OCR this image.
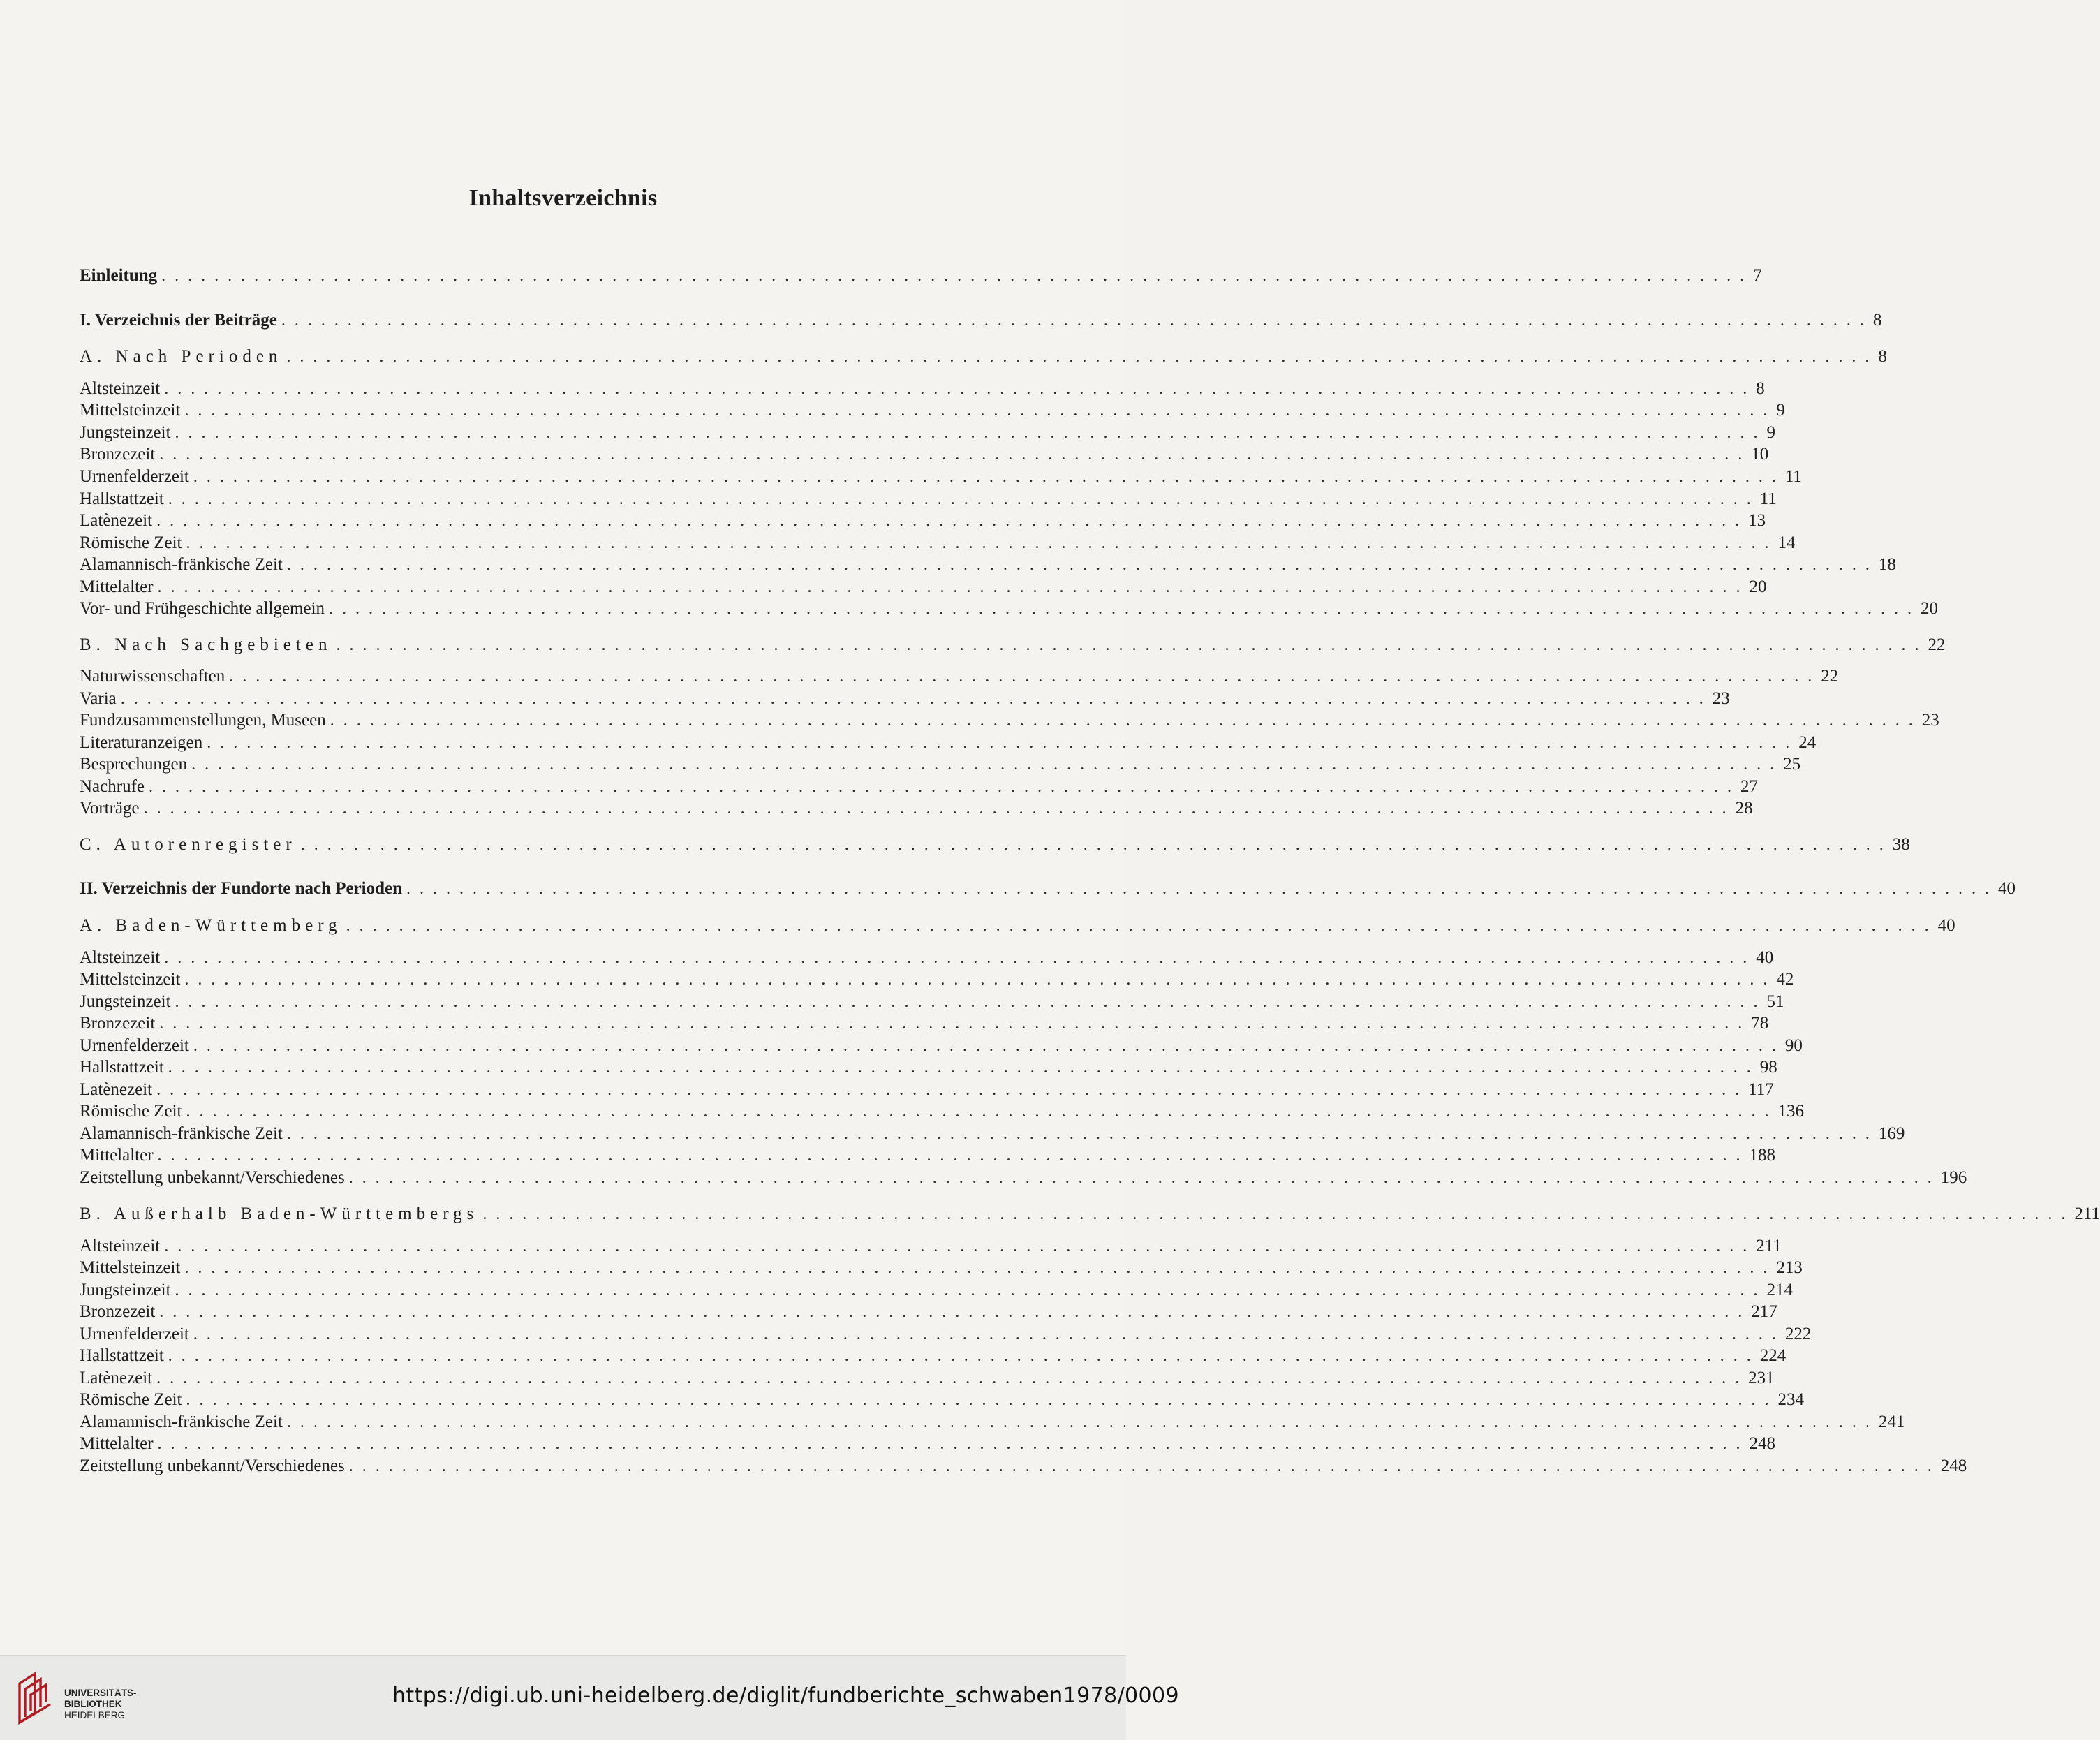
Inhaltsverzeichnis
Einleitung ........................................................................................................................ 7
I. Verzeichnis der Beiträge ........................................................................................................................ 8
A. Nach Perioden ........................................................................................................................ 8
Altsteinzeit ........................................................................................................................ 8
Mittelsteinzeit ........................................................................................................................ 9
Jungsteinzeit ........................................................................................................................ 9
Bronzezeit ........................................................................................................................ 10
Urnenfelderzeit ........................................................................................................................ 11
Hallstattzeit ........................................................................................................................ 11
Latènezeit ........................................................................................................................ 13
Römische Zeit ........................................................................................................................ 14
Alamannisch-fränkische Zeit ........................................................................................................................ 18
Mittelalter ........................................................................................................................ 20
Vor- und Frühgeschichte allgemein ........................................................................................................................ 20
B. Nach Sachgebieten ........................................................................................................................ 22
Naturwissenschaften ........................................................................................................................ 22
Varia ........................................................................................................................ 23
Fundzusammenstellungen, Museen ........................................................................................................................ 23
Literaturanzeigen ........................................................................................................................ 24
Besprechungen ........................................................................................................................ 25
Nachrufe ........................................................................................................................ 27
Vorträge ........................................................................................................................ 28
C. Autorenregister ........................................................................................................................ 38
II. Verzeichnis der Fundorte nach Perioden ........................................................................................................................ 40
A. Baden-Württemberg ........................................................................................................................ 40
Altsteinzeit ........................................................................................................................ 40
Mittelsteinzeit ........................................................................................................................ 42
Jungsteinzeit ........................................................................................................................ 51
Bronzezeit ........................................................................................................................ 78
Urnenfelderzeit ........................................................................................................................ 90
Hallstattzeit ........................................................................................................................ 98
Latènezeit ........................................................................................................................ 117
Römische Zeit ........................................................................................................................ 136
Alamannisch-fränkische Zeit ........................................................................................................................ 169
Mittelalter ........................................................................................................................ 188
Zeitstellung unbekannt/Verschiedenes ........................................................................................................................ 196
B. Außerhalb Baden-Württembergs ........................................................................................................................ 211
Altsteinzeit ........................................................................................................................ 211
Mittelsteinzeit ........................................................................................................................ 213
Jungsteinzeit ........................................................................................................................ 214
Bronzezeit ........................................................................................................................ 217
Urnenfelderzeit ........................................................................................................................ 222
Hallstattzeit ........................................................................................................................ 224
Latènezeit ........................................................................................................................ 231
Römische Zeit ........................................................................................................................ 234
Alamannisch-fränkische Zeit ........................................................................................................................ 241
Mittelalter ........................................................................................................................ 248
Zeitstellung unbekannt/Verschiedenes ........................................................................................................................ 248
UNIVERSITÄTS-
BIBLIOTHEK
HEIDELBERG
https://digi.ub.uni-heidelberg.de/diglit/fundberichte_schwaben1978/0009
